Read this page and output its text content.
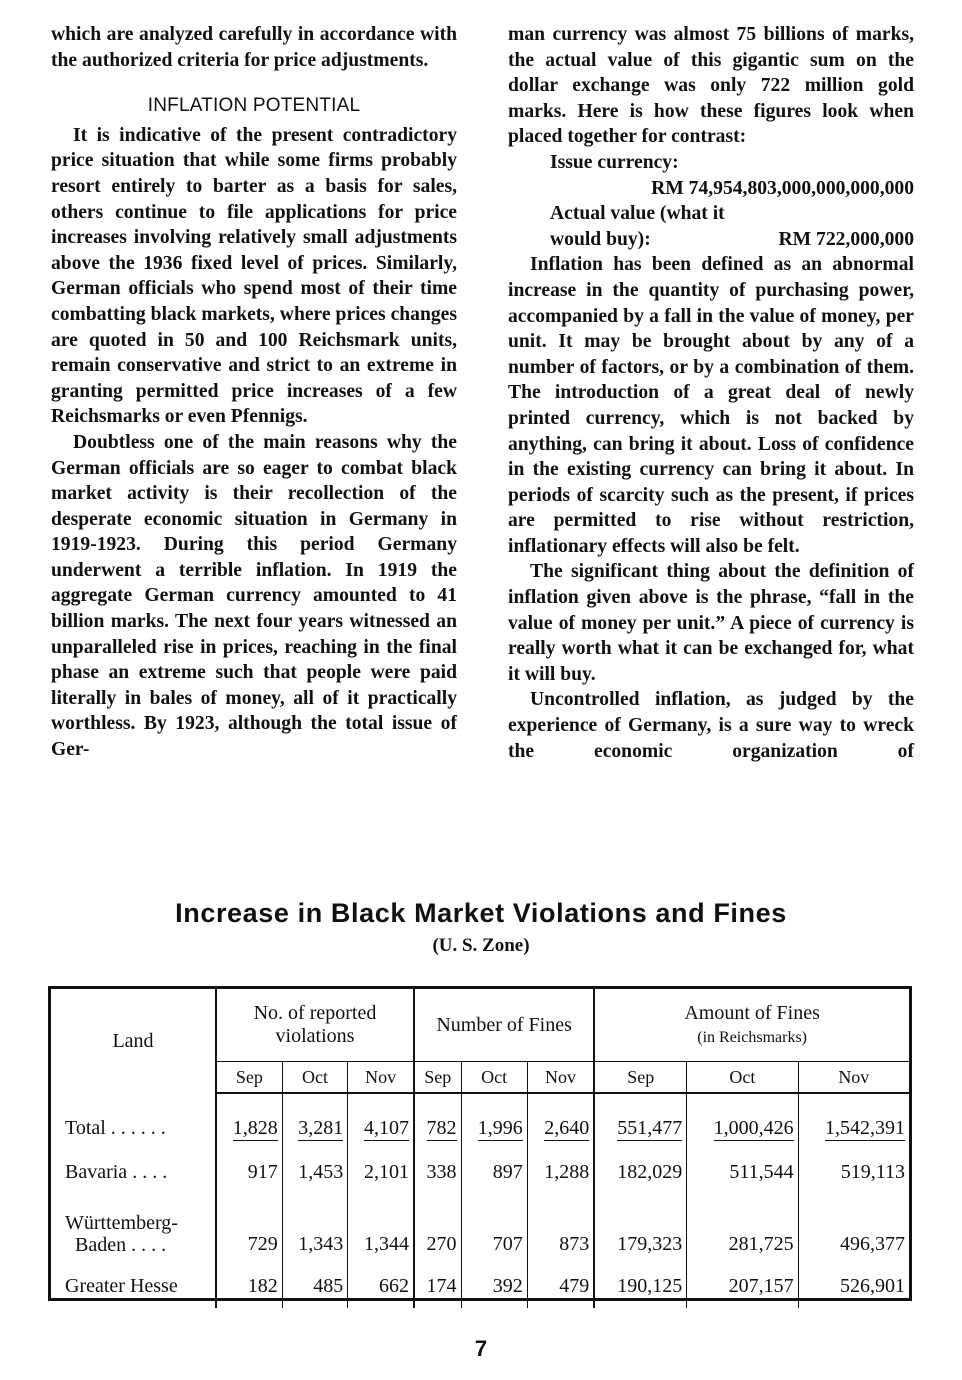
which are analyzed carefully in accordance with the authorized criteria for price adjustments.

INFLATION POTENTIAL

It is indicative of the present contradictory price situation that while some firms probably resort entirely to barter as a basis for sales, others continue to file applications for price increases involving relatively small adjustments above the 1936 fixed level of prices. Similarly, German officials who spend most of their time combatting black markets, where prices changes are quoted in 50 and 100 Reichsmark units, remain conservative and strict to an extreme in granting permitted price increases of a few Reichsmarks or even Pfennigs.

Doubtless one of the main reasons why the German officials are so eager to combat black market activity is their recollection of the desperate economic situation in Germany in 1919-1923. During this period Germany underwent a terrible inflation. In 1919 the aggregate German currency amounted to 41 billion marks. The next four years witnessed an unparalleled rise in prices, reaching in the final phase an extreme such that people were paid literally in bales of money, all of it practically worthless. By 1923, although the total issue of Ger-

man currency was almost 75 billions of marks, the actual value of this gigantic sum on the dollar exchange was only 722 million gold marks. Here is how these figures look when placed together for contrast:

Issue currency:
RM 74,954,803,000,000,000,000
Actual value (what it
would buy):	RM 722,000,000

Inflation has been defined as an abnormal increase in the quantity of purchasing power, accompanied by a fall in the value of money, per unit. It may be brought about by any of a number of factors, or by a combination of them. The introduction of a great deal of newly printed currency, which is not backed by anything, can bring it about. Loss of confidence in the existing currency can bring it about. In periods of scarcity such as the present, if prices are permitted to rise without restriction, inflationary effects will also be felt.

The significant thing about the definition of inflation given above is the phrase, “fall in the value of money per unit.” A piece of currency is really worth what it can be exchanged for, what it will buy.

Uncontrolled inflation, as judged by the experience of Germany, is a sure way to wreck the economic organization of

Increase in Black Market Violations and Fines
(U. S. Zone)
Land	No. of reported
violations			Number of Fines			Amount of Fines
(in Reichsmarks)		
	Sep	Oct	Nov	Sep	Oct	Nov	Sep	Oct	Nov

Total . . . . . .	1,828	3,281	4,107	782	1,996	2,640	551,477	1,000,426	1,542,391
Bavaria . . . .	917	1,453	2,101	338	897	1,288	182,029	511,544	519,113
Württemberg-
Baden . . . .	729	1,343	1,344	270	707	873	179,323	281,725	496,377
Greater Hesse	182	485	662	174	392	479	190,125	207,157	526,901
7
